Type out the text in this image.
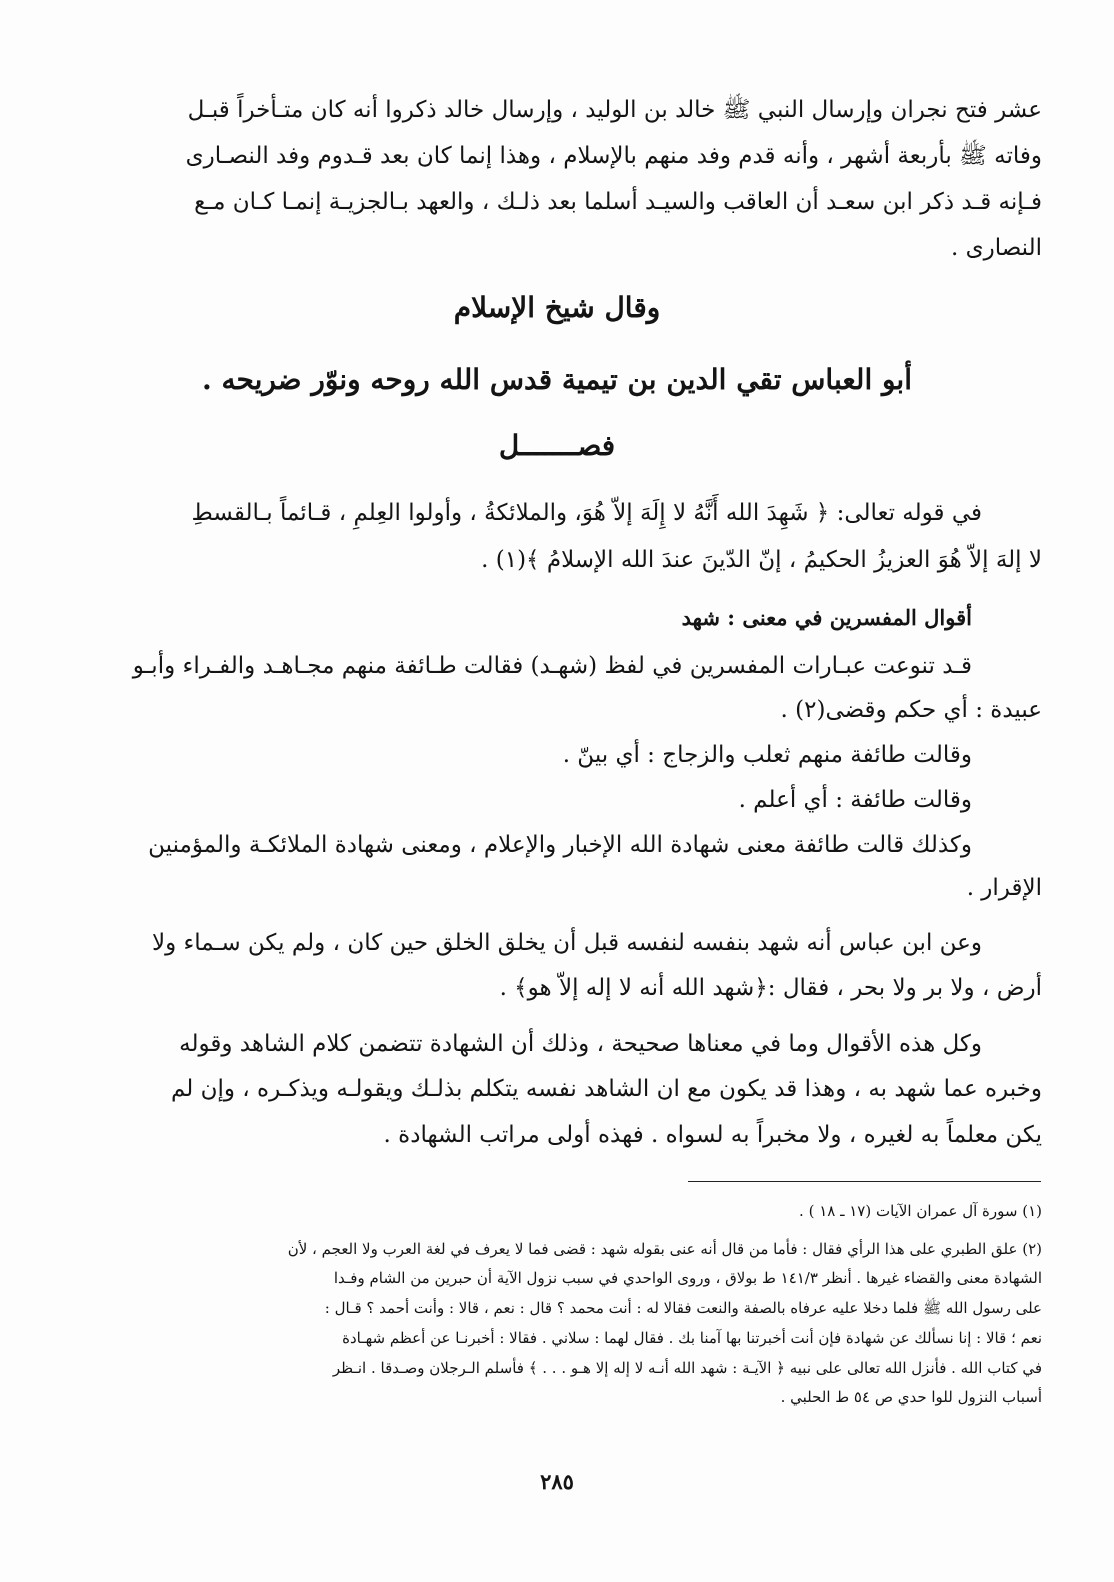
عشر فتح نجران وإرسال النبي ﷺ خالد بن الوليد ، وإرسال خالد ذكروا أنه كان متـأخراً قبـل

وفاته ﷺ بأربعة أشهر ، وأنه قدم وفد منهم بالإسلام ، وهذا إنما كان بعد قـدوم وفد النصـارى

فـإنه قـد ذكر ابن سعـد أن العاقب والسيـد أسلما بعد ذلـك ، والعهد بـالجزيـة إنمـا كـان مـع

النصارى .

وقال شيخ الإسلام

أبو العباس تقي الدين بن تيمية قدس الله روحه ونوّر ضريحه .

فصـــــــل

في قوله تعالى: ﴿ شَهِدَ الله أَنَّهُ لا إِلَهَ إلاّ هُوَ، والملائكةُ ، وأولوا العِلمِ ، قـائماً بـالقسطِ

لا إلهَ إلاّ هُوَ العزيزُ الحكيمُ ، إنّ الدّينَ عندَ الله الإسلامُ ﴾(١) .

أقوال المفسرين في معنى : شهد

قـد تنوعت عبـارات المفسرين في لفظ (شهـد) فقالت طـائفة منهم مجـاهـد والفـراء وأبـو

عبيدة : أي حكم وقضى(٢) .

وقالت طائفة منهم ثعلب والزجاج : أي بينّ .

وقالت طائفة : أي أعلم .

وكذلك قالت طائفة معنى شهادة الله الإخبار والإعلام ، ومعنى شهادة الملائكـة والمؤمنين

الإقرار .

وعن ابن عباس أنه شهد بنفسه لنفسه قبل أن يخلق الخلق حين كان ، ولم يكن سـماء ولا

أرض ، ولا بر ولا بحر ، فقال :﴿شهد الله أنه لا إله إلاّ هو﴾ .

وكل هذه الأقوال وما في معناها صحيحة ، وذلك أن الشهادة تتضمن كلام الشاهد وقوله

وخبره عما شهد به ، وهذا قد يكون مع ان الشاهد نفسه يتكلم بذلـك ويقولـه ويذكـره ، وإن لم

يكن معلماً به لغيره ، ولا مخبراً به لسواه . فهذه أولى مراتب الشهادة .

(١) سورة آل عمران الآيات (١٧ ـ ١٨ ) .

(٢) علق الطبري على هذا الرأي فقال : فأما من قال أنه عنى بقوله شهد : قضى فما لا يعرف في لغة العرب ولا العجم ، لأن

الشهادة معنى والقضاء غيرها . أنظر ١٤١/٣ ط بولاق ، وروى الواحدي في سبب نزول الآية أن حبرين من الشام وفـدا

على رسول الله ﷺ فلما دخلا عليه عرفاه بالصفة والنعت فقالا له : أنت محمد ؟ قال : نعم ، قالا : وأنت أحمد ؟ قـال :

نعم ؛ قالا : إنا نسألك عن شهادة فإن أنت أخبرتنا بها آمنا بك . فقال لهما : سلاني . فقالا : أخبرنـا عن أعظم شهـادة

في كتاب الله . فأنزل الله تعالى على نبيه ﴿ الآيـة : شهد الله أنـه لا إله إلا هـو . . . ﴾ فأسلم الـرجلان وصـدقا . انـظر

أسباب النزول للوا حدي ص ٥٤ ط الحلبي .

٢٨٥
